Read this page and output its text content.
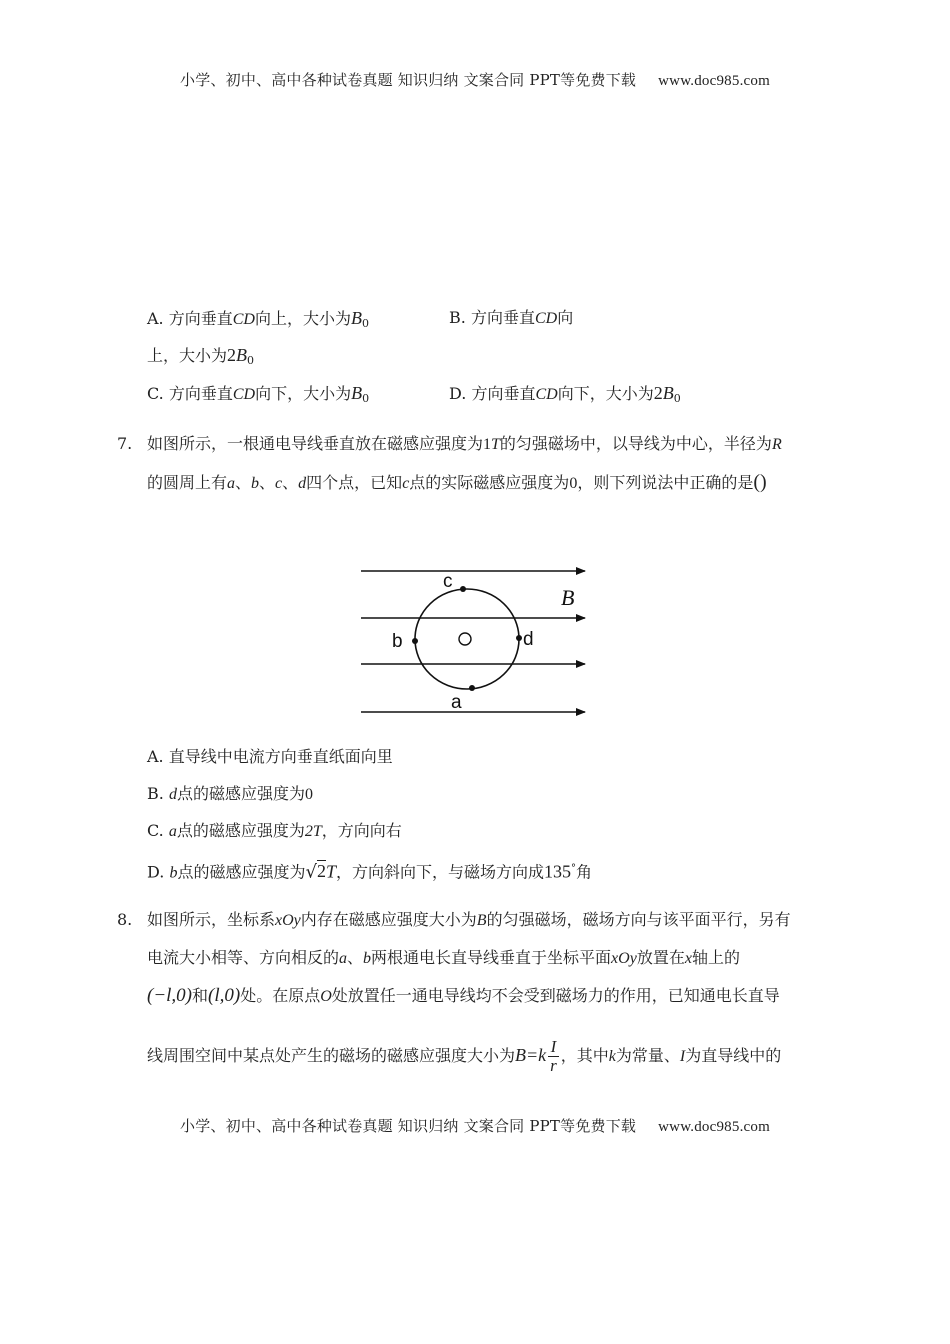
小学、初中、高中各种试卷真题 知识归纳 文案合同 PPT等免费下载 www.doc985.com
A. 方向垂直CD向上，大小为$B_0$	B. 方向垂直CD向
上，大小为$2B_0$
C. 方向垂直CD向下，大小为$B_0$	D. 方向垂直CD向下，大小为$2B_0$
7. 如图所示，一根通电导线垂直放在磁感应强度为1T的匀强磁场中，以导线为中心，半径为R
的圆周上有a、b、c、d四个点，已知c点的实际磁感应强度为0，则下列说法中正确的是()
c
b	d
a
B
A. 直导线中电流方向垂直纸面向里
B. d点的磁感应强度为0
C. a点的磁感应强度为2T，方向向右
D. b点的磁感应强度为√2T，方向斜向下，与磁场方向成135°角
8. 如图所示，坐标系xOy内存在磁感应强度大小为B的匀强磁场，磁场方向与该平面平行，另有
电流大小相等、方向相反的a、b两根通电长直导线垂直于坐标平面xOy放置在x轴上的
(−l,0)和(l,0)处。在原点O处放置任一通电导线均不会受到磁场力的作用，已知通电长直导
线周围空间中某点处产生的磁场的磁感应强度大小为$B=k \frac{I}{r}$ ，其中k为常量、I为直导线中的
小学、初中、高中各种试卷真题 知识归纳 文案合同 PPT等免费下载 www.doc985.com
